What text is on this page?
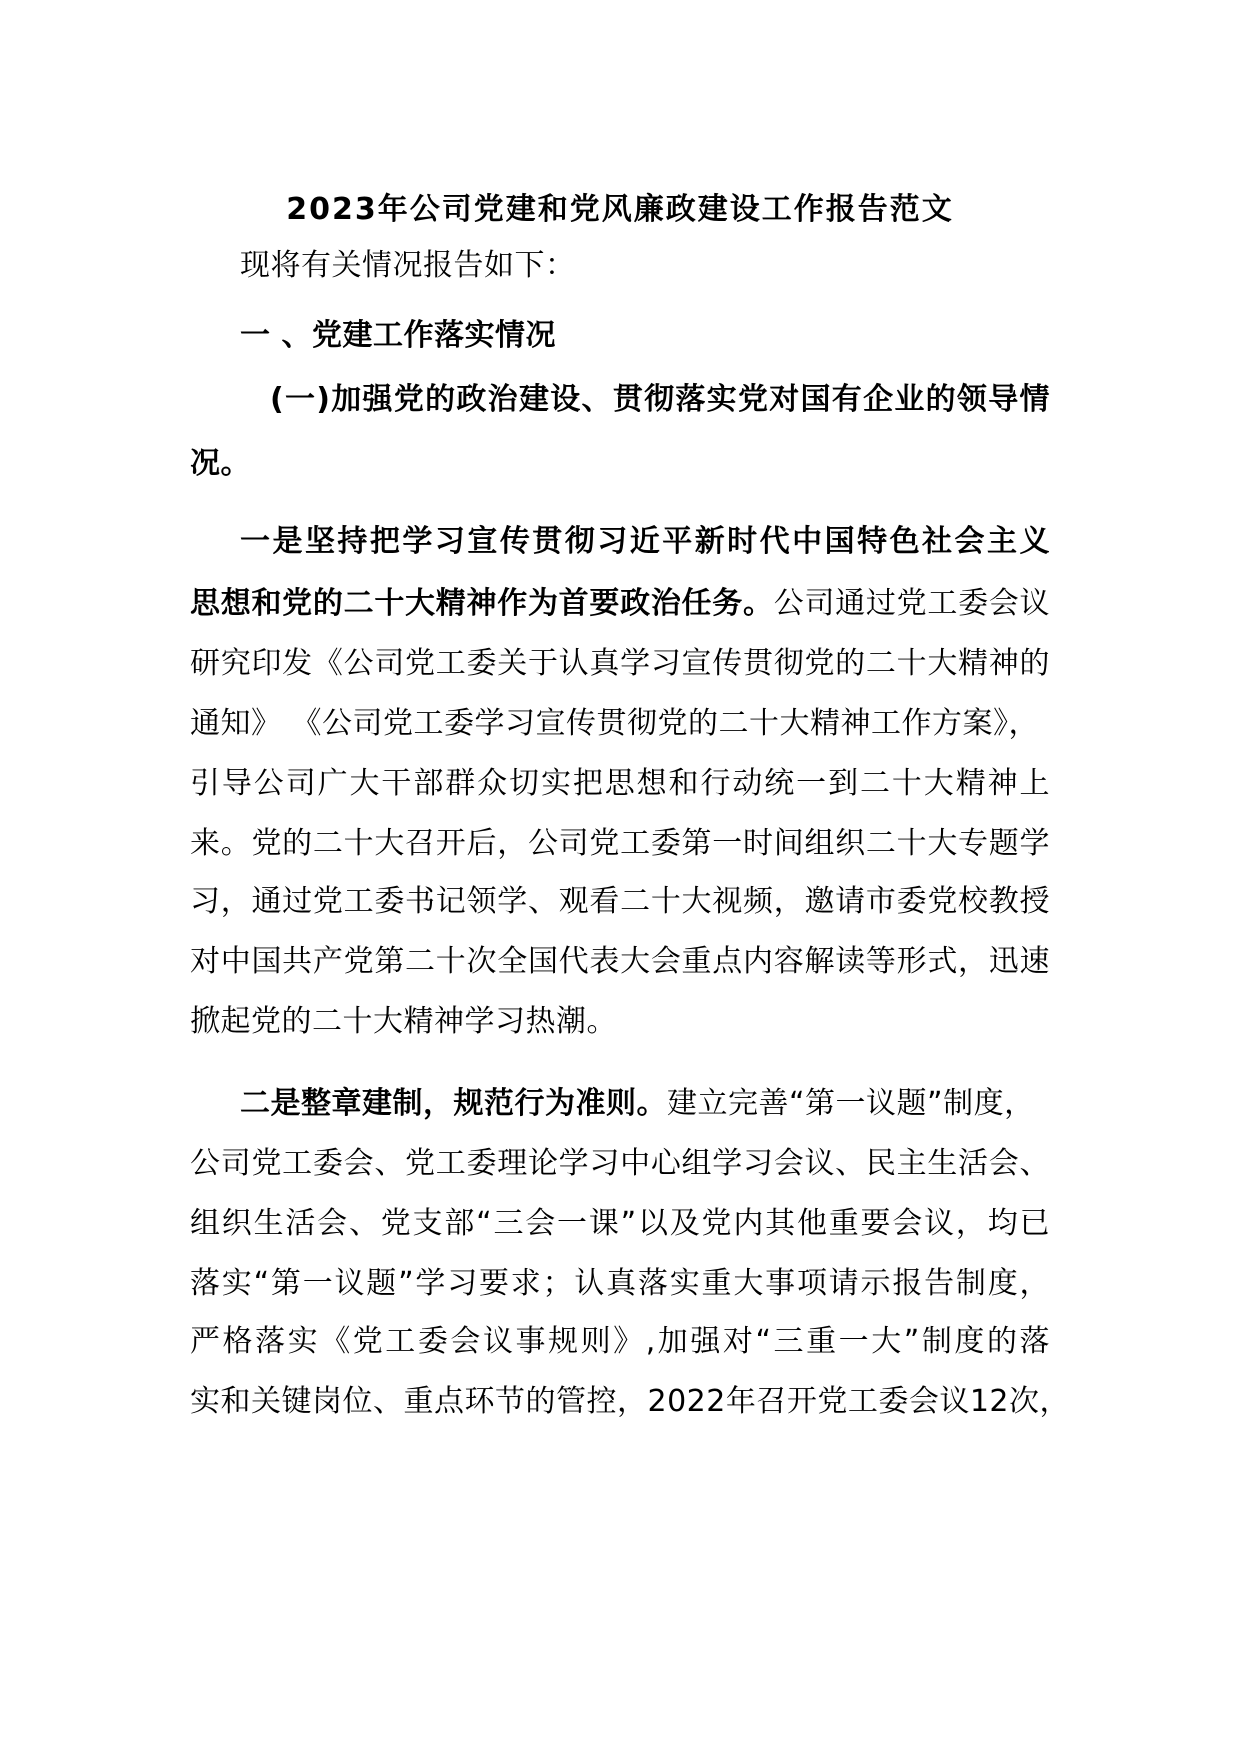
2023年公司党建和党风廉政建设工作报告范文
现将有关情况报告如下：
一 、党建工作落实情况
(一)加强党的政治建设、贯彻落实党对国有企业的领导情
况。
一是坚持把学习宣传贯彻习近平新时代中国特色社会主义
思想和党的二十大精神作为首要政治任务。公司通过党工委会议
研究印发《公司党工委关于认真学习宣传贯彻党的二十大精神的
通知》 《公司党工委学习宣传贯彻党的二十大精神工作方案》，
引导公司广大干部群众切实把思想和行动统一到二十大精神上
来。党的二十大召开后，公司党工委第一时间组织二十大专题学
习，通过党工委书记领学、观看二十大视频，邀请市委党校教授
对中国共产党第二十次全国代表大会重点内容解读等形式，迅速
掀起党的二十大精神学习热潮。
二是整章建制，规范行为准则。建立完善“第一议题”制度，
公司党工委会、党工委理论学习中心组学习会议、民主生活会、
组织生活会、党支部“三会一课”以及党内其他重要会议，均已
落实“第一议题”学习要求；认真落实重大事项请示报告制度，
严格落实《党工委会议事规则》,加强对“三重一大”制度的落
实和关键岗位、重点环节的管控，2022年召开党工委会议12次，
